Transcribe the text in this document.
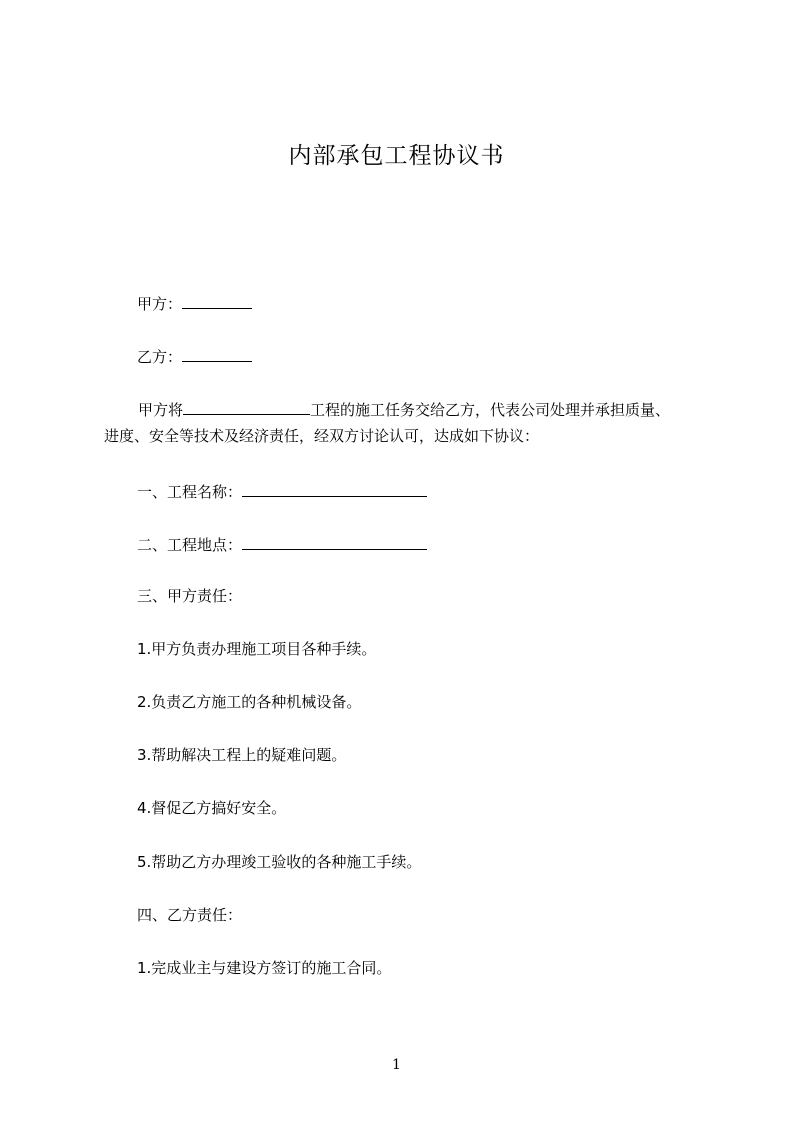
内部承包工程协议书
甲方：
乙方：
甲方将	工程的施工任务交给乙方，代表公司处理并承担质量、
进度、安全等技术及经济责任，经双方讨论认可，达成如下协议：
一、工程名称：
二、工程地点：
三、甲方责任：
1.甲方负责办理施工项目各种手续。
2.负责乙方施工的各种机械设备。
3.帮助解决工程上的疑难问题。
4.督促乙方搞好安全。
5.帮助乙方办理竣工验收的各种施工手续。
四、乙方责任：
1.完成业主与建设方签订的施工合同。
1
